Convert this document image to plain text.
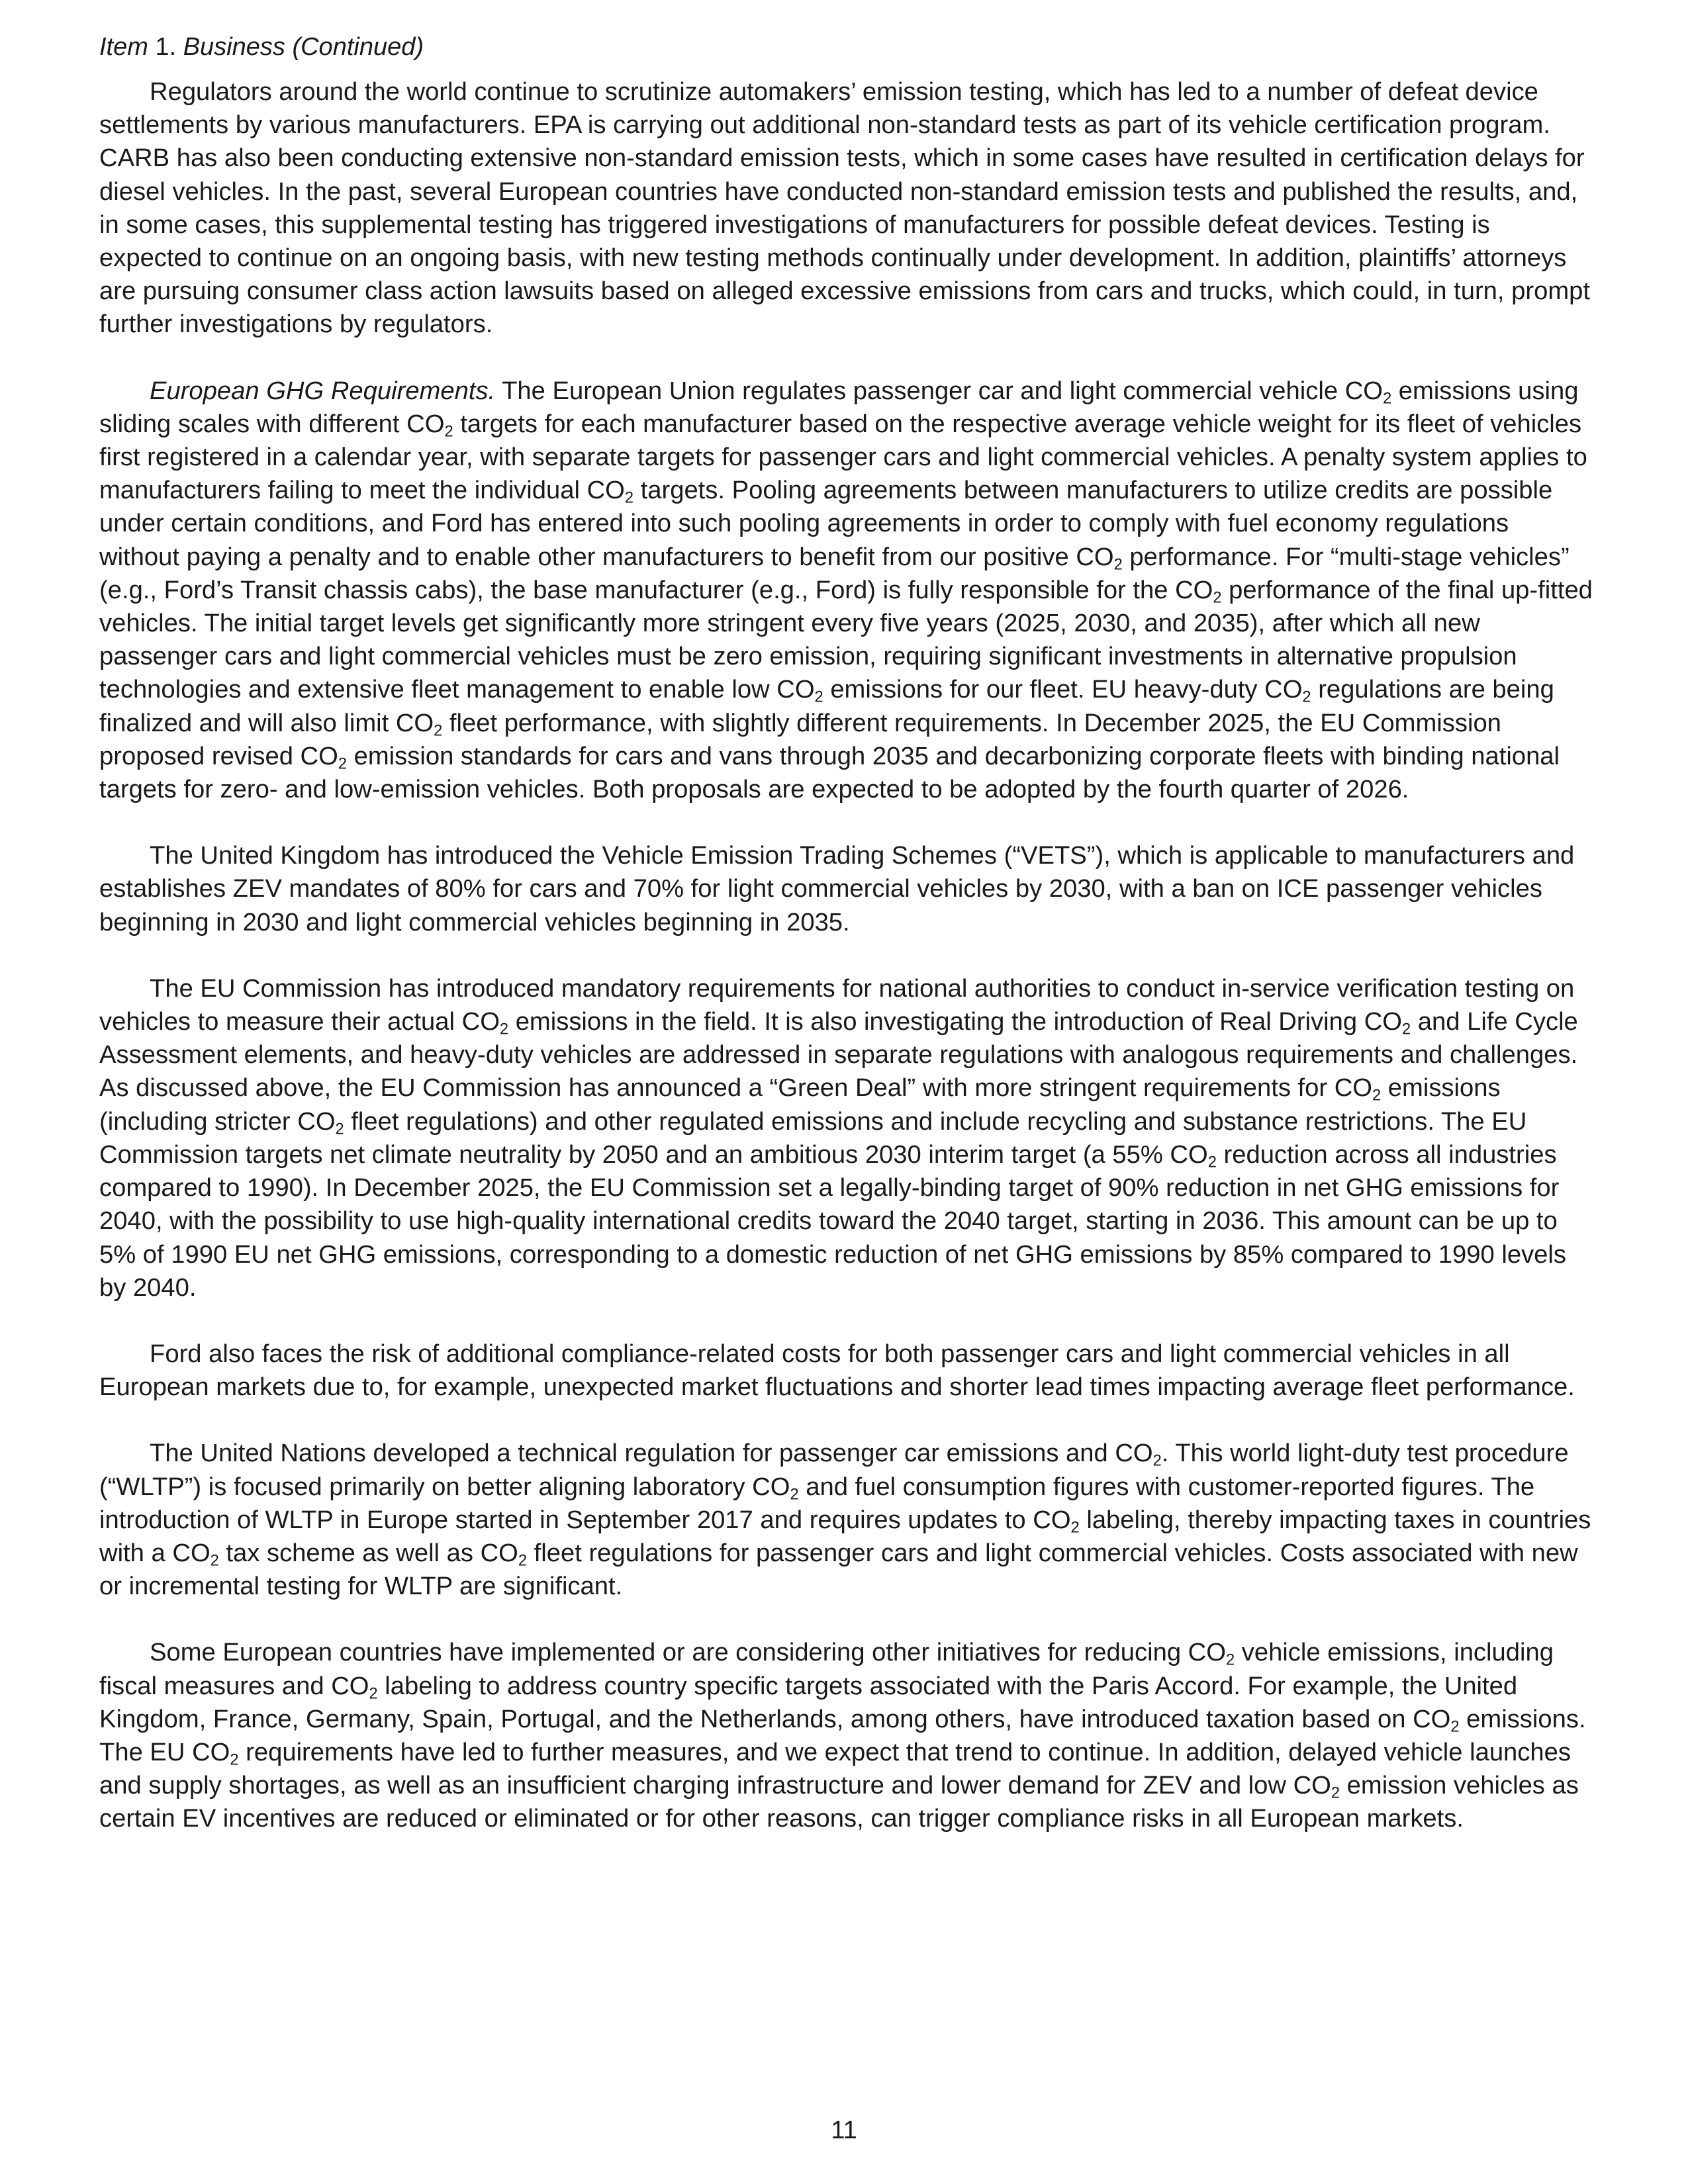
Item 1. Business (Continued)

Regulators around the world continue to scrutinize automakers’ emission testing, which has led to a number of defeat device settlements by various manufacturers. EPA is carrying out additional non-standard tests as part of its vehicle certification program. CARB has also been conducting extensive non-standard emission tests, which in some cases have resulted in certification delays for diesel vehicles. In the past, several European countries have conducted non-standard emission tests and published the results, and, in some cases, this supplemental testing has triggered investigations of manufacturers for possible defeat devices. Testing is expected to continue on an ongoing basis, with new testing methods continually under development. In addition, plaintiffs’ attorneys are pursuing consumer class action lawsuits based on alleged excessive emissions from cars and trucks, which could, in turn, prompt further investigations by regulators.

European GHG Requirements. The European Union regulates passenger car and light commercial vehicle $CO_2$ emissions using sliding scales with different $CO_2$ targets for each manufacturer based on the respective average vehicle weight for its fleet of vehicles first registered in a calendar year, with separate targets for passenger cars and light commercial vehicles. A penalty system applies to manufacturers failing to meet the individual $CO_2$ targets. Pooling agreements between manufacturers to utilize credits are possible under certain conditions, and Ford has entered into such pooling agreements in order to comply with fuel economy regulations without paying a penalty and to enable other manufacturers to benefit from our positive $CO_2$ performance. For “multi-stage vehicles” (e.g., Ford’s Transit chassis cabs), the base manufacturer (e.g., Ford) is fully responsible for the $CO_2$ performance of the final up-fitted vehicles. The initial target levels get significantly more stringent every five years (2025, 2030, and 2035), after which all new passenger cars and light commercial vehicles must be zero emission, requiring significant investments in alternative propulsion technologies and extensive fleet management to enable low $CO_2$ emissions for our fleet. EU heavy-duty $CO_2$ regulations are being finalized and will also limit $CO_2$ fleet performance, with slightly different requirements. In December 2025, the EU Commission proposed revised $CO_2$ emission standards for cars and vans through 2035 and decarbonizing corporate fleets with binding national targets for zero- and low-emission vehicles. Both proposals are expected to be adopted by the fourth quarter of 2026.

The United Kingdom has introduced the Vehicle Emission Trading Schemes (“VETS”), which is applicable to manufacturers and establishes ZEV mandates of 80% for cars and 70% for light commercial vehicles by 2030, with a ban on ICE passenger vehicles beginning in 2030 and light commercial vehicles beginning in 2035.

The EU Commission has introduced mandatory requirements for national authorities to conduct in-service verification testing on vehicles to measure their actual $CO_2$ emissions in the field. It is also investigating the introduction of Real Driving $CO_2$ and Life Cycle Assessment elements, and heavy-duty vehicles are addressed in separate regulations with analogous requirements and challenges. As discussed above, the EU Commission has announced a “Green Deal” with more stringent requirements for $CO_2$ emissions (including stricter $CO_2$ fleet regulations) and other regulated emissions and include recycling and substance restrictions. The EU Commission targets net climate neutrality by 2050 and an ambitious 2030 interim target (a 55% $CO_2$ reduction across all industries compared to 1990). In December 2025, the EU Commission set a legally-binding target of 90% reduction in net GHG emissions for 2040, with the possibility to use high-quality international credits toward the 2040 target, starting in 2036. This amount can be up to 5% of 1990 EU net GHG emissions, corresponding to a domestic reduction of net GHG emissions by 85% compared to 1990 levels by 2040.

Ford also faces the risk of additional compliance-related costs for both passenger cars and light commercial vehicles in all European markets due to, for example, unexpected market fluctuations and shorter lead times impacting average fleet performance.

The United Nations developed a technical regulation for passenger car emissions and $CO_2$. This world light-duty test procedure (“WLTP”) is focused primarily on better aligning laboratory $CO_2$ and fuel consumption figures with customer-reported figures. The introduction of WLTP in Europe started in September 2017 and requires updates to $CO_2$ labeling, thereby impacting taxes in countries with a $CO_2$ tax scheme as well as $CO_2$ fleet regulations for passenger cars and light commercial vehicles. Costs associated with new or incremental testing for WLTP are significant.

Some European countries have implemented or are considering other initiatives for reducing $CO_2$ vehicle emissions, including fiscal measures and $CO_2$ labeling to address country specific targets associated with the Paris Accord. For example, the United Kingdom, France, Germany, Spain, Portugal, and the Netherlands, among others, have introduced taxation based on $CO_2$ emissions. The EU $CO_2$ requirements have led to further measures, and we expect that trend to continue. In addition, delayed vehicle launches and supply shortages, as well as an insufficient charging infrastructure and lower demand for ZEV and low $CO_2$ emission vehicles as certain EV incentives are reduced or eliminated or for other reasons, can trigger compliance risks in all European markets.

11
